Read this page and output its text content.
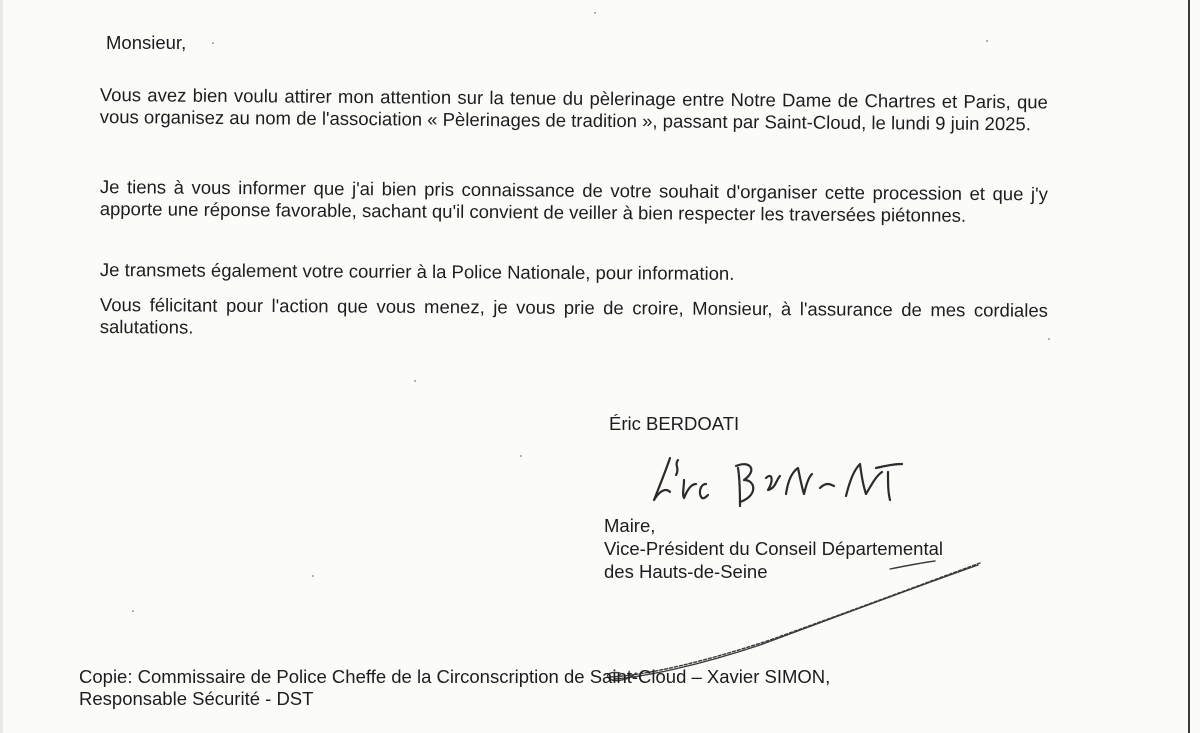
Monsieur,

Vous avez bien voulu attirer mon attention sur la tenue du pèlerinage entre Notre Dame de Chartres et Paris, que vous organisez au nom de l'association « Pèlerinages de tradition », passant par Saint-Cloud, le lundi 9 juin 2025.

Je tiens à vous informer que j'ai bien pris connaissance de votre souhait d'organiser cette procession et que j'y apporte une réponse favorable, sachant qu'il convient de veiller à bien respecter les traversées piétonnes.

Je transmets également votre courrier à la Police Nationale, pour information.

Vous félicitant pour l'action que vous menez, je vous prie de croire, Monsieur, à l'assurance de mes cordiales salutations.

Éric BERDOATI
Maire,
Vice-Président du Conseil Départemental
des Hauts-de-Seine
Copie: Commissaire de Police Cheffe de la Circonscription de Saint-Cloud – Xavier SIMON,
Responsable Sécurité - DST
